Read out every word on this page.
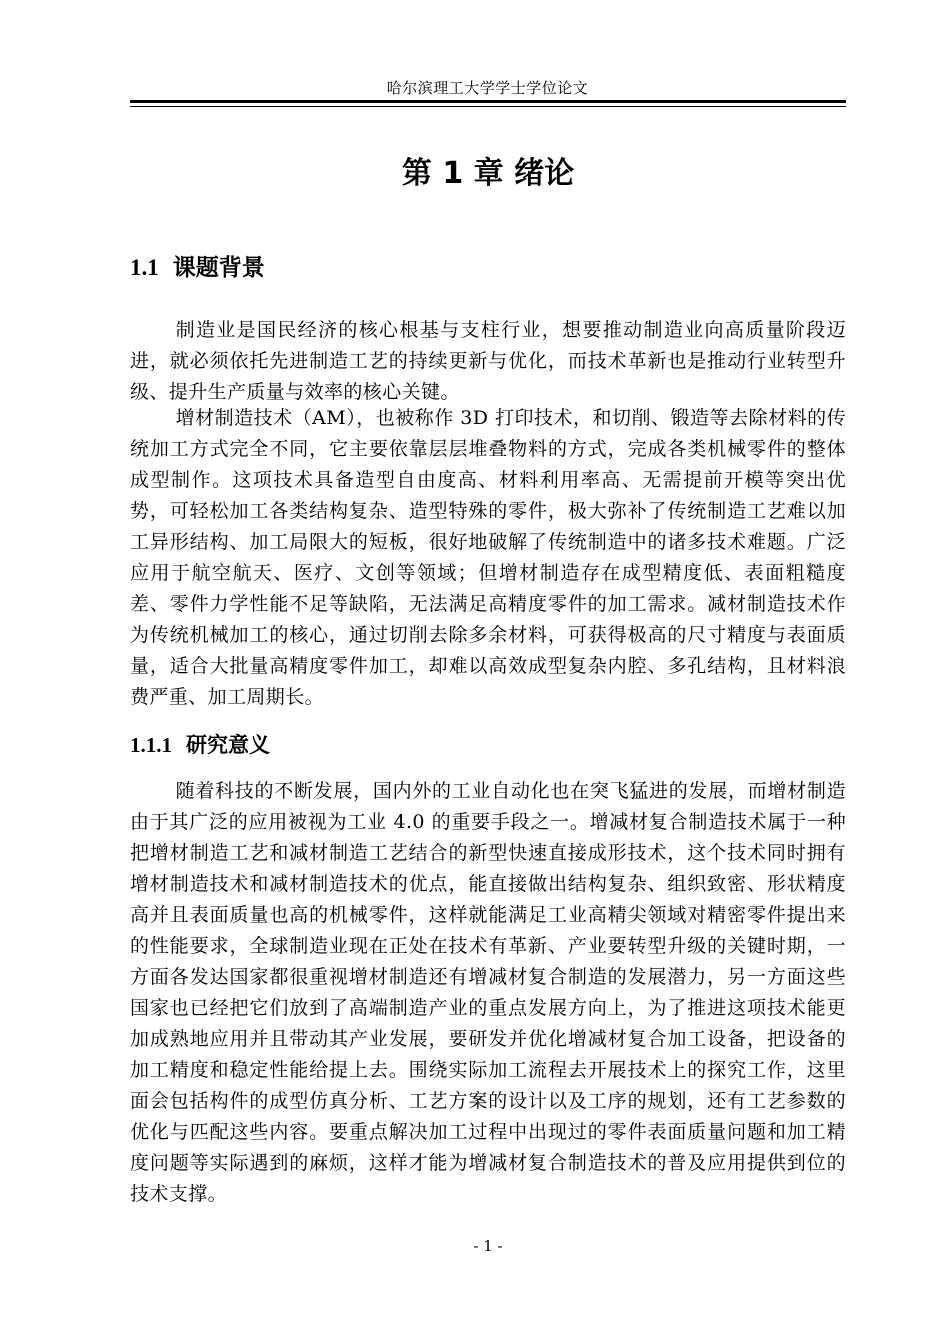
哈尔滨理工大学学士学位论文
第 1 章 绪论
1.1 课题背景

制造业是国民经济的核心根基与支柱行业，想要推动制造业向高质量阶段迈进，就必须依托先进制造工艺的持续更新与优化，而技术革新也是推动行业转型升级、提升生产质量与效率的核心关键。

增材制造技术（AM），也被称作 3D 打印技术，和切削、锻造等去除材料的传统加工方式完全不同，它主要依靠层层堆叠物料的方式，完成各类机械零件的整体成型制作。这项技术具备造型自由度高、材料利用率高、无需提前开模等突出优势，可轻松加工各类结构复杂、造型特殊的零件，极大弥补了传统制造工艺难以加工异形结构、加工局限大的短板，很好地破解了传统制造中的诸多技术难题。广泛应用于航空航天、医疗、文创等领域；但增材制造存在成型精度低、表面粗糙度差、零件力学性能不足等缺陷，无法满足高精度零件的加工需求。减材制造技术作为传统机械加工的核心，通过切削去除多余材料，可获得极高的尺寸精度与表面质量，适合大批量高精度零件加工，却难以高效成型复杂内腔、多孔结构，且材料浪费严重、加工周期长。

1.1.1 研究意义

随着科技的不断发展，国内外的工业自动化也在突飞猛进的发展，而增材制造由于其广泛的应用被视为工业 4.0 的重要手段之一。增减材复合制造技术属于一种把增材制造工艺和减材制造工艺结合的新型快速直接成形技术，这个技术同时拥有增材制造技术和减材制造技术的优点，能直接做出结构复杂、组织致密、形状精度高并且表面质量也高的机械零件，这样就能满足工业高精尖领域对精密零件提出来的性能要求，全球制造业现在正处在技术有革新、产业要转型升级的关键时期，一方面各发达国家都很重视增材制造还有增减材复合制造的发展潜力，另一方面这些国家也已经把它们放到了高端制造产业的重点发展方向上，为了推进这项技术能更加成熟地应用并且带动其产业发展，要研发并优化增减材复合加工设备，把设备的加工精度和稳定性能给提上去。围绕实际加工流程去开展技术上的探究工作，这里面会包括构件的成型仿真分析、工艺方案的设计以及工序的规划，还有工艺参数的优化与匹配这些内容。要重点解决加工过程中出现过的零件表面质量问题和加工精度问题等实际遇到的麻烦，这样才能为增减材复合制造技术的普及应用提供到位的技术支撑。

- 1 -
